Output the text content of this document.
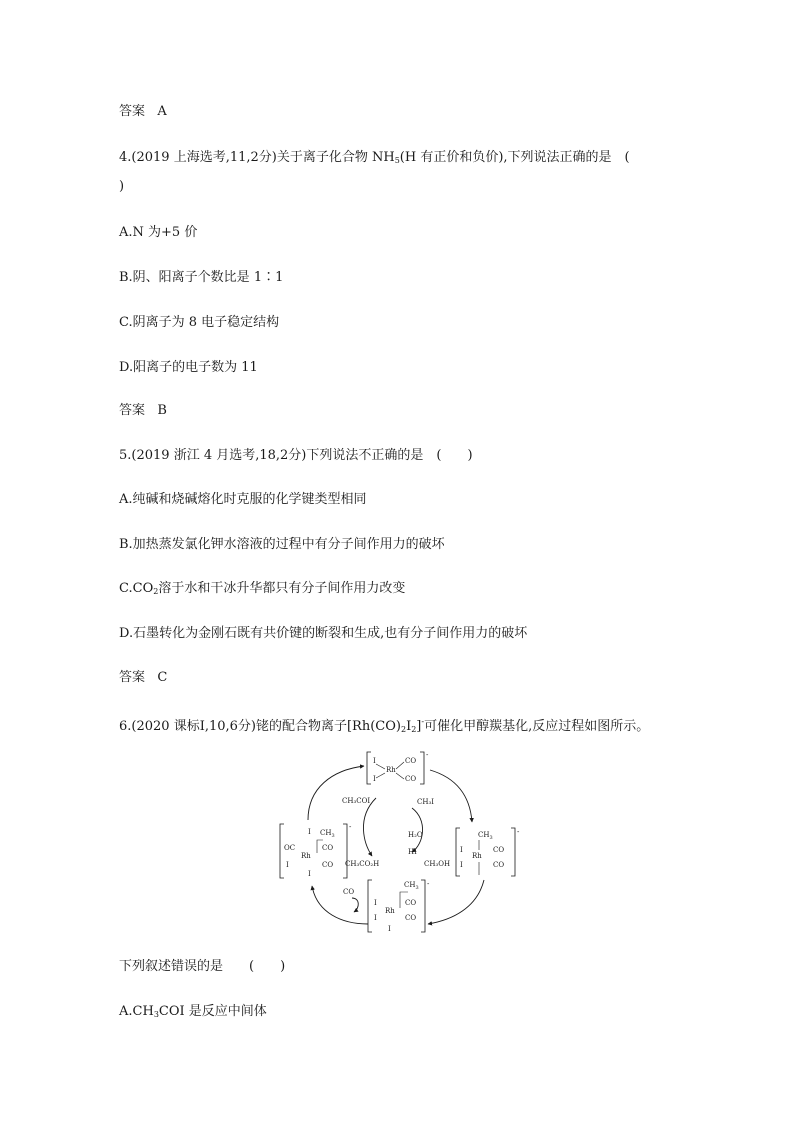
答案 A
4.(2019 上海选考,11,2分)关于离子化合物 $NH_5(H$ 有正价和负价),下列说法正确的是　(
)
A.N 为+5 价
B.阴、阳离子个数比是 1∶1
C.阴离子为 8 电子稳定结构
D.阳离子的电子数为 11
答案 B
5.(2019 浙江 4 月选考,18,2分)下列说法不正确的是　(　　)
A.纯碱和烧碱熔化时克服的化学键类型相同
B.加热蒸发氯化钾水溶液的过程中有分子间作用力的破坏
$C.CO_2$溶于水和干冰升华都只有分子间作用力改变
D.石墨转化为金刚石既有共价键的断裂和生成,也有分子间作用力的破坏
答案 C
6.(2020 课标Ⅰ,10,6分)铑的配合物离子$[Rh(CO)_2I_2]^-$可催化甲醇羰基化,反应过程如图所示。
-
I
I
Rh
CO
CO
-
OC
I
Rh
I
I
$CH_3$
CO
CO
-
I
I
Rh
$CH_3$
CO
CO
-
$CH_3$
I
I
Rh
CO
CO
I
CH₃COI
H₂O
CH₃I
HI
CH₃CO₂H	CH₃OH
CO
下列叙述错误的是　　(　　)
$A.CH_3COI$ 是反应中间体
